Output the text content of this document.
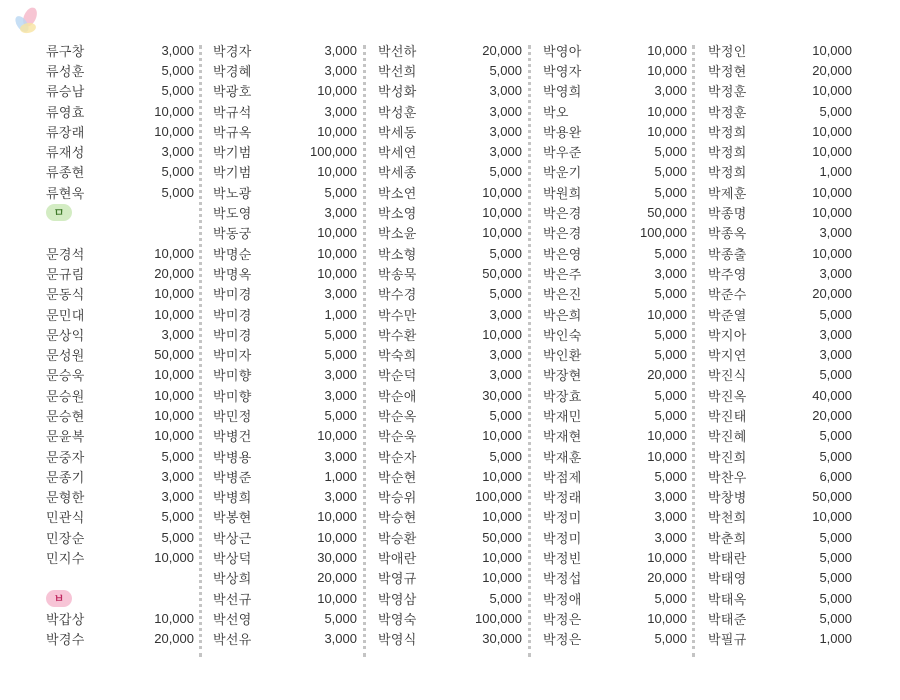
류구창	3,000
류성훈	5,000
류승남	5,000
류영효	10,000
류장래	10,000
류재성	3,000
류종현	5,000
류현욱	5,000
ㅁ
문경석	10,000
문규림	20,000
문동식	10,000
문민대	10,000
문상익	3,000
문성원	50,000
문승욱	10,000
문승원	10,000
문승현	10,000
문윤복	10,000
문중자	5,000
문종기	3,000
문형한	3,000
민관식	5,000
민장순	5,000
민지수	10,000
ㅂ
박갑상	10,000
박경수	20,000
박경자	3,000
박경혜	3,000
박광호	10,000
박규석	3,000
박규옥	10,000
박기범	100,000
박기범	10,000
박노광	5,000
박도영	3,000
박동궁	10,000
박명순	10,000
박명옥	10,000
박미경	3,000
박미경	1,000
박미경	5,000
박미자	5,000
박미향	3,000
박미향	3,000
박민정	5,000
박병건	10,000
박병용	3,000
박병준	1,000
박병희	3,000
박봉현	10,000
박상근	10,000
박상덕	30,000
박상희	20,000
박선규	10,000
박선영	5,000
박선유	3,000
박선하	20,000
박선희	5,000
박성화	3,000
박성훈	3,000
박세동	3,000
박세연	3,000
박세종	5,000
박소연	10,000
박소영	10,000
박소윤	10,000
박소형	5,000
박송묵	50,000
박수경	5,000
박수만	3,000
박수환	10,000
박숙희	3,000
박순덕	3,000
박순애	30,000
박순옥	5,000
박순욱	10,000
박순자	5,000
박순현	10,000
박승위	100,000
박승현	10,000
박승환	50,000
박애란	10,000
박영규	10,000
박영삼	5,000
박영숙	100,000
박영식	30,000
박영아	10,000
박영자	10,000
박영희	3,000
박오	10,000
박용완	10,000
박우준	5,000
박운기	5,000
박원희	5,000
박은경	50,000
박은경	100,000
박은영	5,000
박은주	3,000
박은진	5,000
박은희	10,000
박인숙	5,000
박인환	5,000
박장현	20,000
박장효	5,000
박재민	5,000
박재현	10,000
박재훈	10,000
박점제	5,000
박정래	3,000
박정미	3,000
박정미	3,000
박정빈	10,000
박정섭	20,000
박정애	5,000
박정은	10,000
박정은	5,000
박정인	10,000
박정현	20,000
박정훈	10,000
박정훈	5,000
박정희	10,000
박정희	10,000
박정희	1,000
박제훈	10,000
박종명	10,000
박종옥	3,000
박종출	10,000
박주영	3,000
박준수	20,000
박준열	5,000
박지아	3,000
박지연	3,000
박진식	5,000
박진옥	40,000
박진태	20,000
박진혜	5,000
박진희	5,000
박찬우	6,000
박창병	50,000
박천희	10,000
박춘희	5,000
박태란	5,000
박태영	5,000
박태옥	5,000
박태준	5,000
박필규	1,000
